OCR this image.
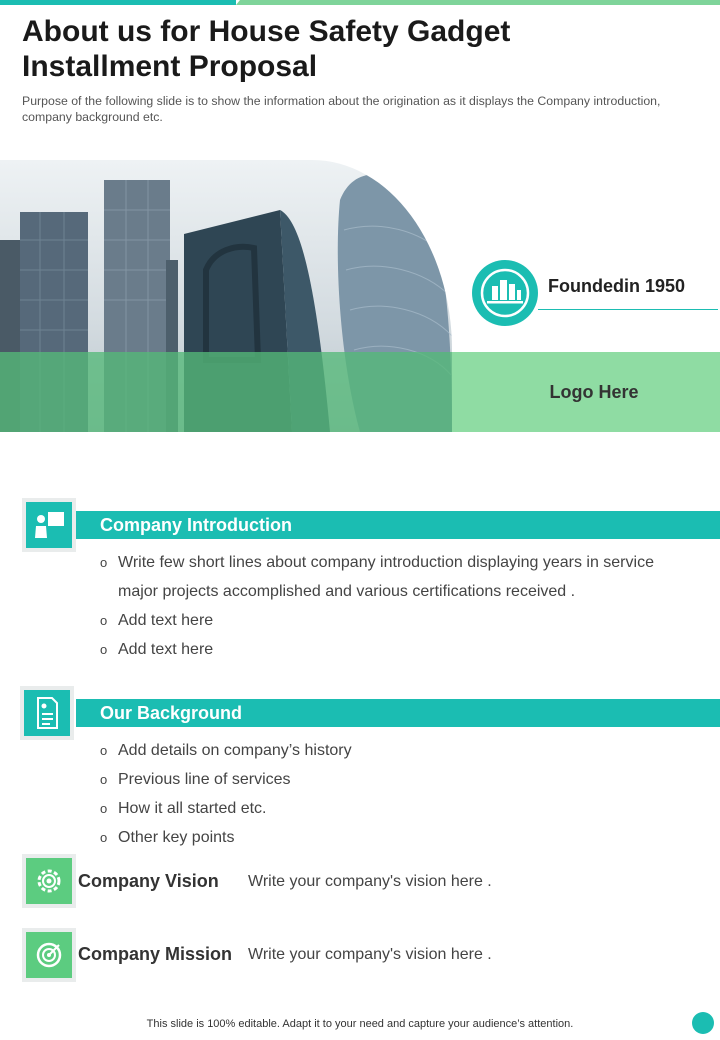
About us for House Safety Gadget Installment Proposal

Purpose of the following slide is to show the information about the origination as it displays the Company introduction, company background etc.

Logo Here
Foundedin 1950
Company Introduction
o Write few short lines about company introduction displaying years in service major projects accomplished and various certifications received .
o Add text here
o Add text here
Our Background
o Add details on company’s history
o Previous line of services
o How it all started etc.
o Other key points
Company Vision Write your company's vision here .
Company Mission Write your company's vision here .
This slide is 100% editable. Adapt it to your need and capture your audience’s attention.
